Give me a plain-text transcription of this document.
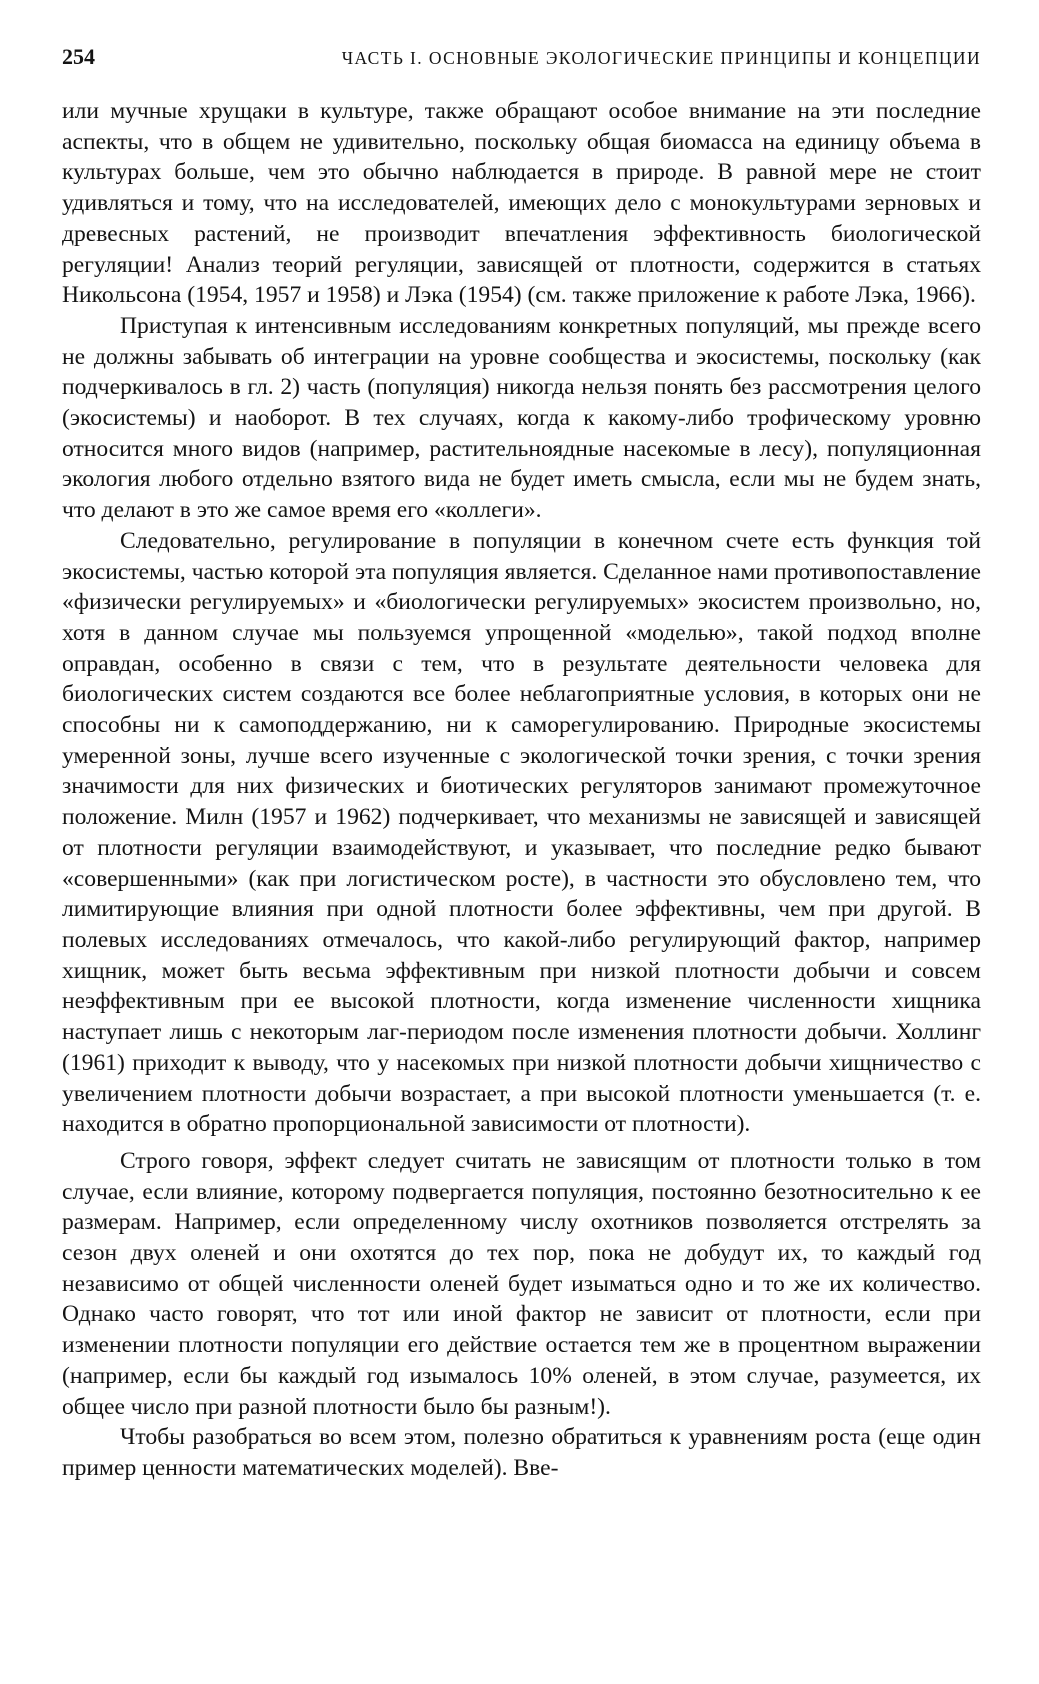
254	ЧАСТЬ I. ОСНОВНЫЕ ЭКОЛОГИЧЕСКИЕ ПРИНЦИПЫ И КОНЦЕПЦИИ

или мучные хрущаки в культуре, также обращают особое внимание на эти последние аспекты, что в общем не удивительно, поскольку общая биомасса на единицу объема в культурах больше, чем это обычно наблюдается в природе. В равной мере не стоит удивляться и тому, что на исследователей, имеющих дело с монокультурами зерновых и древесных растений, не производит впечатления эффективность биологической регуляции! Анализ теорий регуляции, зависящей от плотности, содержится в статьях Никольсона (1954, 1957 и 1958) и Лэка (1954) (см. также приложение к работе Лэка, 1966).

Приступая к интенсивным исследованиям конкретных популяций, мы прежде всего не должны забывать об интеграции на уровне сообщества и экосистемы, поскольку (как подчеркивалось в гл. 2) часть (популяция) никогда нельзя понять без рассмотрения целого (экосистемы) и наоборот. В тех случаях, когда к какому-либо трофическому уровню относится много видов (например, растительноядные насекомые в лесу), популяционная экология любого отдельно взятого вида не будет иметь смысла, если мы не будем знать, что делают в это же самое время его «коллеги».

Следовательно, регулирование в популяции в конечном счете есть функция той экосистемы, частью которой эта популяция является. Сделанное нами противопоставление «физически регулируемых» и «биологически регулируемых» экосистем произвольно, но, хотя в данном случае мы пользуемся упрощенной «моделью», такой подход вполне оправдан, особенно в связи с тем, что в результате деятельности человека для биологических систем создаются все более неблагоприятные условия, в которых они не способны ни к самоподдержанию, ни к саморегулированию. Природные экосистемы умеренной зоны, лучше всего изученные с экологической точки зрения, с точки зрения значимости для них физических и биотических регуляторов занимают промежуточное положение. Милн (1957 и 1962) подчеркивает, что механизмы не зависящей и зависящей от плотности регуляции взаимодействуют, и указывает, что последние редко бывают «совершенными» (как при логистическом росте), в частности это обусловлено тем, что лимитирующие влияния при одной плотности более эффективны, чем при другой. В полевых исследованиях отмечалось, что какой-либо регулирующий фактор, например хищник, может быть весьма эффективным при низкой плотности добычи и совсем неэффективным при ее высокой плотности, когда изменение численности хищника наступает лишь с некоторым лаг-периодом после изменения плотности добычи. Холлинг (1961) приходит к выводу, что у насекомых при низкой плотности добычи хищничество с увеличением плотности добычи возрастает, а при высокой плотности уменьшается (т. е. находится в обратно пропорциональной зависимости от плотности).

Строго говоря, эффект следует считать не зависящим от плотности только в том случае, если влияние, которому подвергается популяция, постоянно безотносительно к ее размерам. Например, если определенному числу охотников позволяется отстрелять за сезон двух оленей и они охотятся до тех пор, пока не добудут их, то каждый год независимо от общей численности оленей будет изыматься одно и то же их количество. Однако часто говорят, что тот или иной фактор не зависит от плотности, если при изменении плотности популяции его действие остается тем же в процентном выражении (например, если бы каждый год изымалось 10% оленей, в этом случае, разумеется, их общее число при разной плотности было бы разным!).

Чтобы разобраться во всем этом, полезно обратиться к уравнениям роста (еще один пример ценности математических моделей). Вве-
